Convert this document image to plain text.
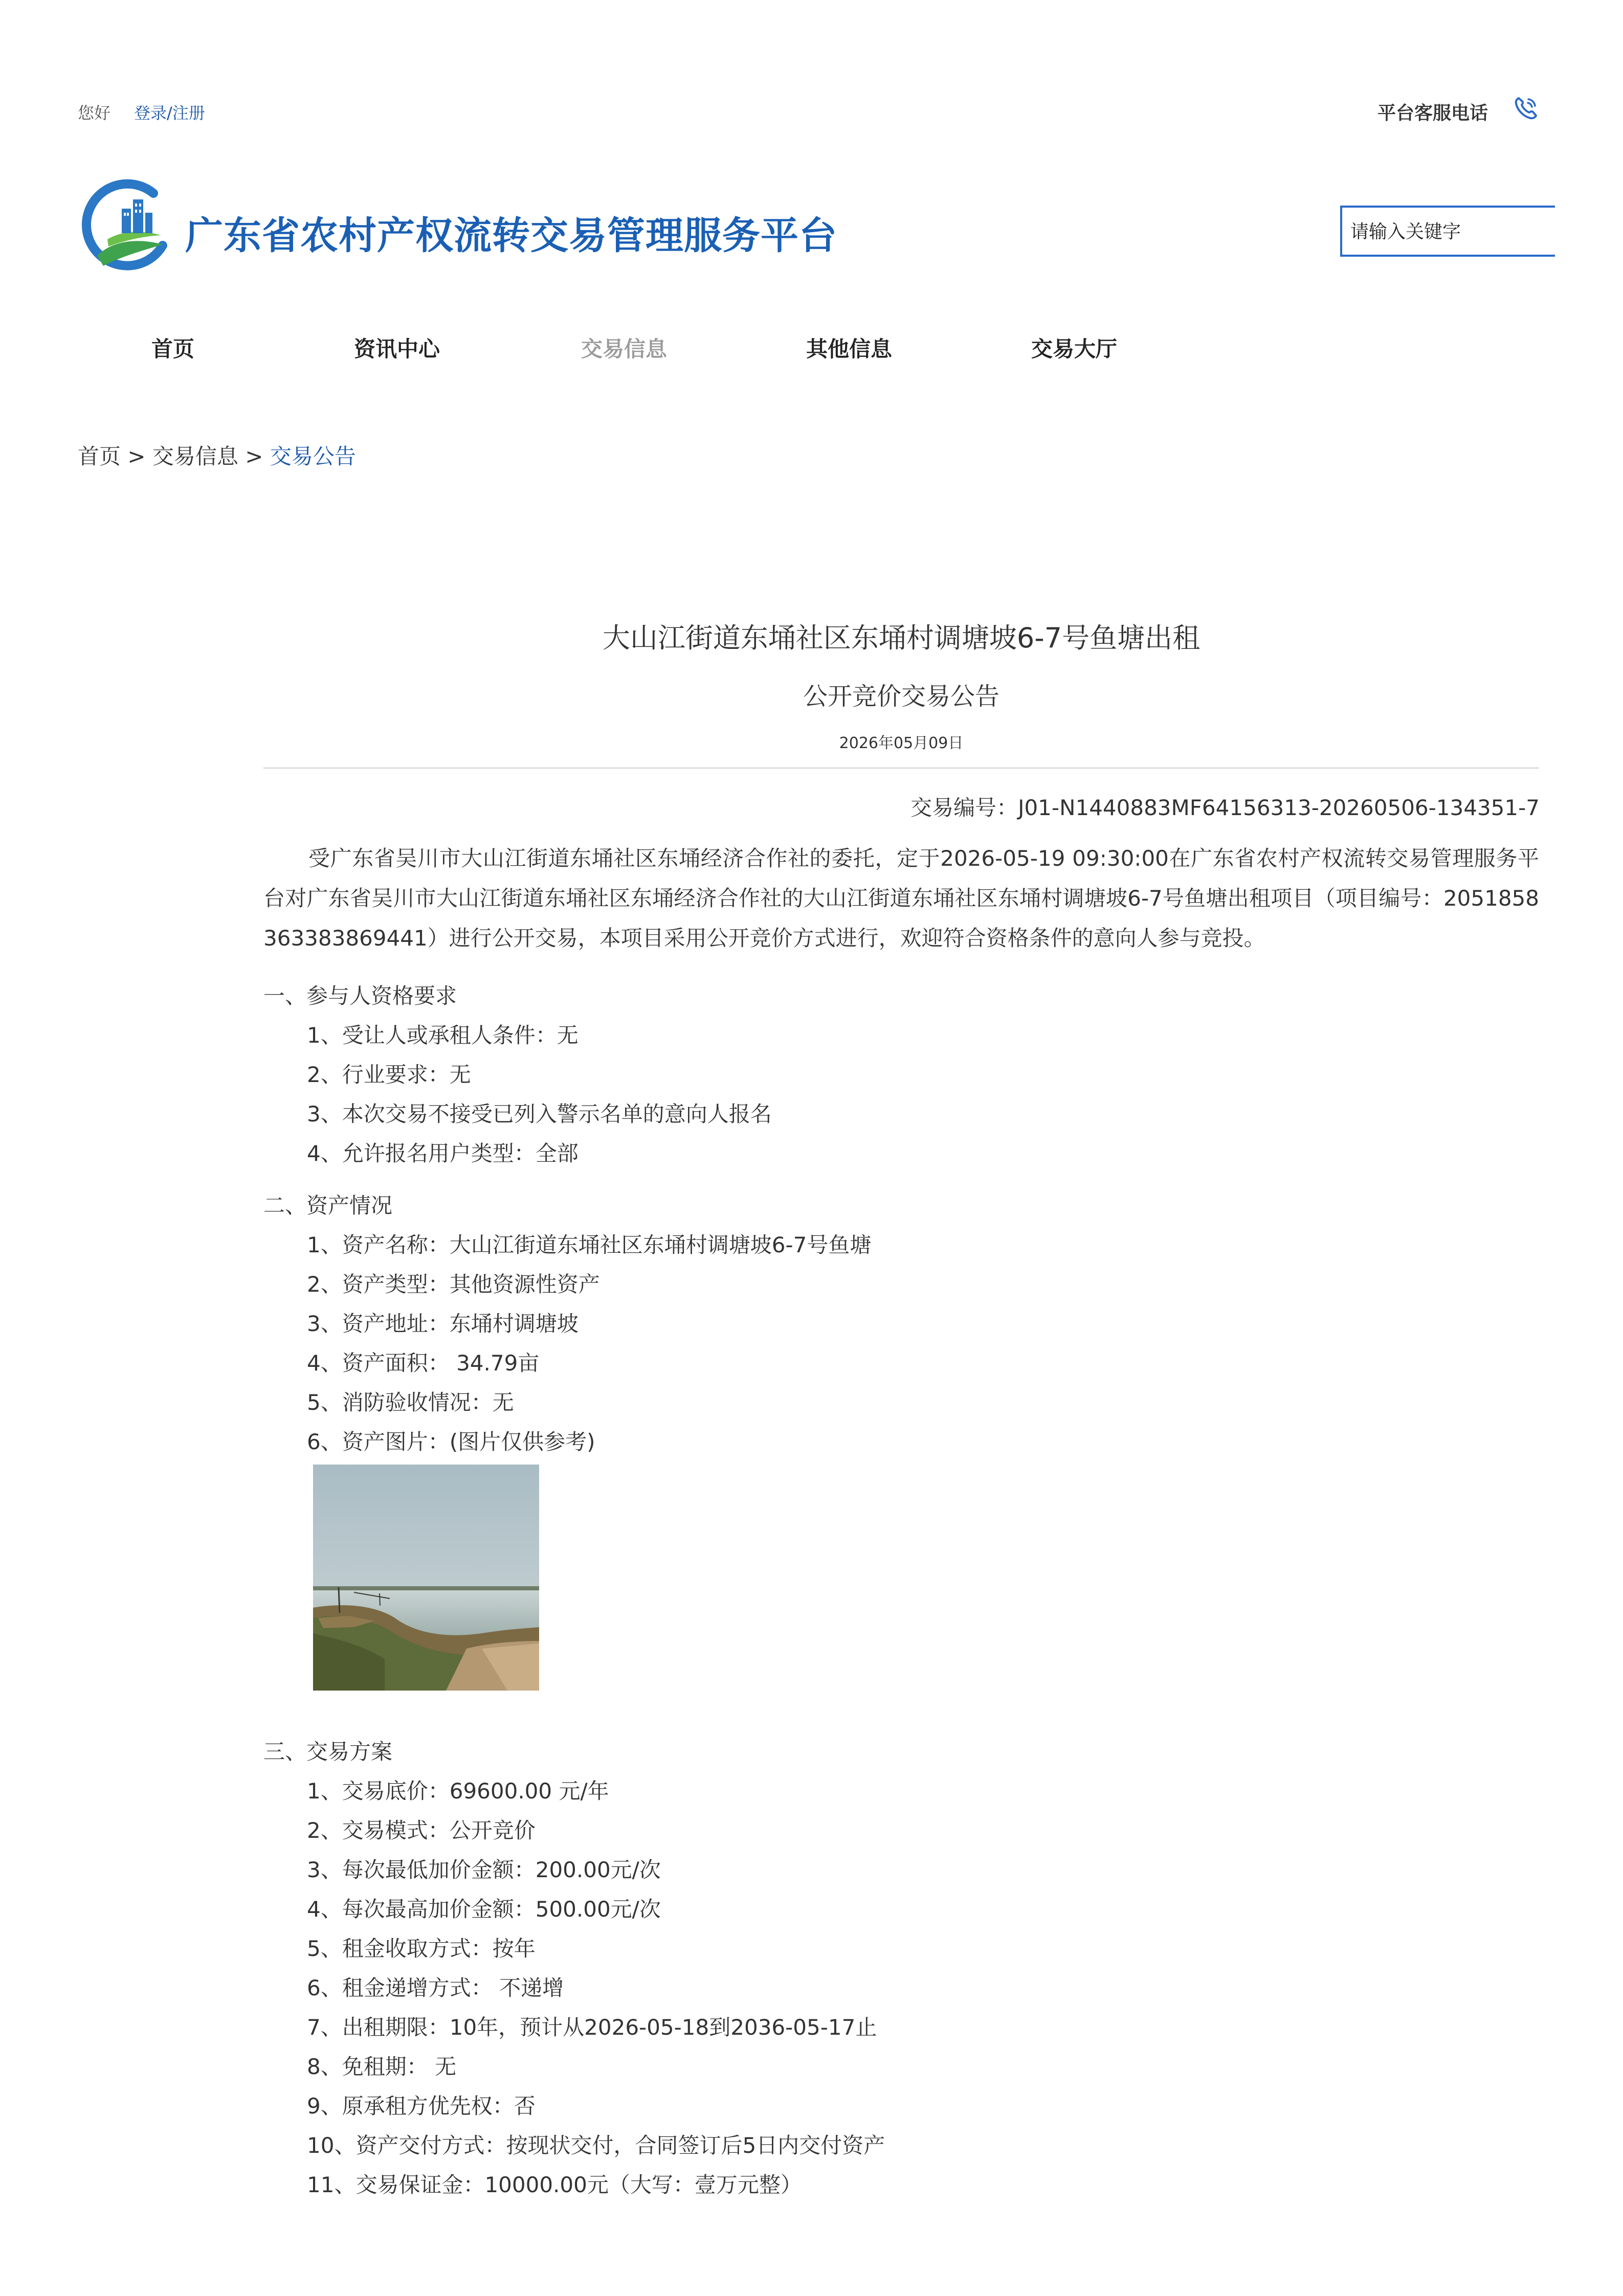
您好 登录/注册	平台客服电话
广东省农村产权流转交易管理服务平台
请输入关键字
首页	资讯中心	交易信息	其他信息	交易大厅
首页 > 交易信息 > 交易公告
大山江街道东埇社区东埇村调塘坡6-7号鱼塘出租
公开竞价交易公告
2026年05月09日
交易编号：J01-N1440883MF64156313-20260506-134351-7
受广东省吴川市大山江街道东埇社区东埇经济合作社的委托，定于2026-05-19 09:30:00在广东省农村产权流转交易管理服务平台对广东省吴川市大山江街道东埇社区东埇经济合作社的大山江街道东埇社区东埇村调塘坡6-7号鱼塘出租项目（项目编号：2051858363383869441）进行公开交易，本项目采用公开竞价方式进行，欢迎符合资格条件的意向人参与竞投。
一、参与人资格要求
1、受让人或承租人条件：无
2、行业要求：无
3、本次交易不接受已列入警示名单的意向人报名
4、允许报名用户类型：全部
二、资产情况
1、资产名称：大山江街道东埇社区东埇村调塘坡6-7号鱼塘
2、资产类型：其他资源性资产
3、资产地址：东埇村调塘坡
4、资产面积： 34.79亩
5、消防验收情况：无
6、资产图片：(图片仅供参考)
三、交易方案
1、交易底价：69600.00 元/年
2、交易模式：公开竞价
3、每次最低加价金额：200.00元/次
4、每次最高加价金额：500.00元/次
5、租金收取方式：按年
6、租金递增方式： 不递增
7、出租期限：10年，预计从2026-05-18到2036-05-17止
8、免租期： 无
9、原承租方优先权：否
10、资产交付方式：按现状交付，合同签订后5日内交付资产
11、交易保证金：10000.00元（大写：壹万元整）
